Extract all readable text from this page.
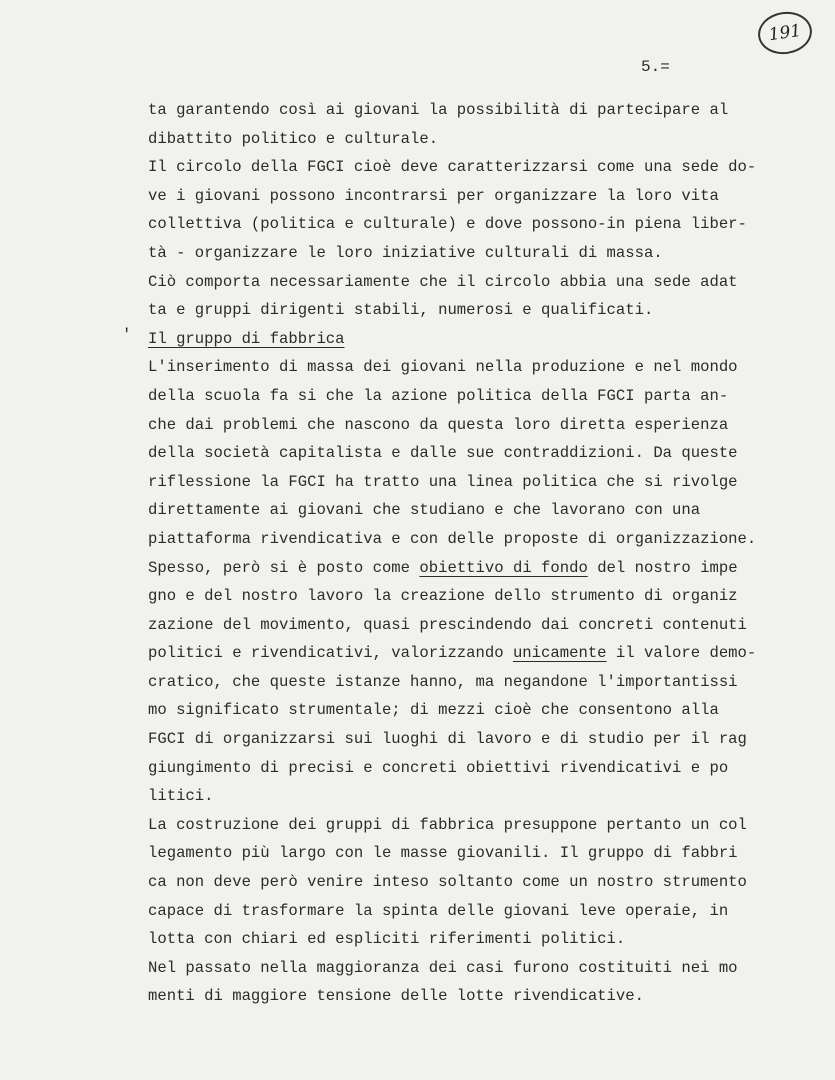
191
5.=
ta garantendo così ai giovani la possibilità di partecipare al
dibattito politico e culturale.
Il circolo della FGCI cioè deve caratterizzarsi come una sede do-
ve i giovani possono incontrarsi per organizzare la loro vita
collettiva (politica e culturale) e dove possono-in piena liber-
tà - organizzare le loro iniziative culturali di massa.
Ciò comporta necessariamente che il circolo abbia una sede adat
ta e gruppi dirigenti stabili, numerosi e qualificati.
' Il gruppo di fabbrica
L'inserimento di massa dei giovani nella produzione e nel mondo
della scuola fa si che la azione politica della FGCI parta an-
che dai problemi che nascono da questa loro diretta esperienza
della società capitalista e dalle sue contraddizioni. Da queste
riflessione la FGCI ha tratto una linea politica che si rivolge
direttamente ai giovani che studiano e che lavorano con una
piattaforma rivendicativa e con delle proposte di organizzazione.
Spesso, però si è posto come obiettivo di fondo del nostro impe
gno e del nostro lavoro la creazione dello strumento di organiz
zazione del movimento, quasi prescindendo dai concreti contenuti
politici e rivendicativi, valorizzando unicamente il valore demo-
cratico, che queste istanze hanno, ma negandone l'importantissi
mo significato strumentale; di mezzi cioè che consentono alla
FGCI di organizzarsi sui luoghi di lavoro e di studio per il rag
giungimento di precisi e concreti obiettivi rivendicativi e po
litici.
La costruzione dei gruppi di fabbrica presuppone pertanto un col
legamento più largo con le masse giovanili. Il gruppo di fabbri
ca non deve però venire inteso soltanto come un nostro strumento
capace di trasformare la spinta delle giovani leve operaie, in
lotta con chiari ed espliciti riferimenti politici.
Nel passato nella maggioranza dei casi furono costituiti nei mo
menti di maggiore tensione delle lotte rivendicative.
